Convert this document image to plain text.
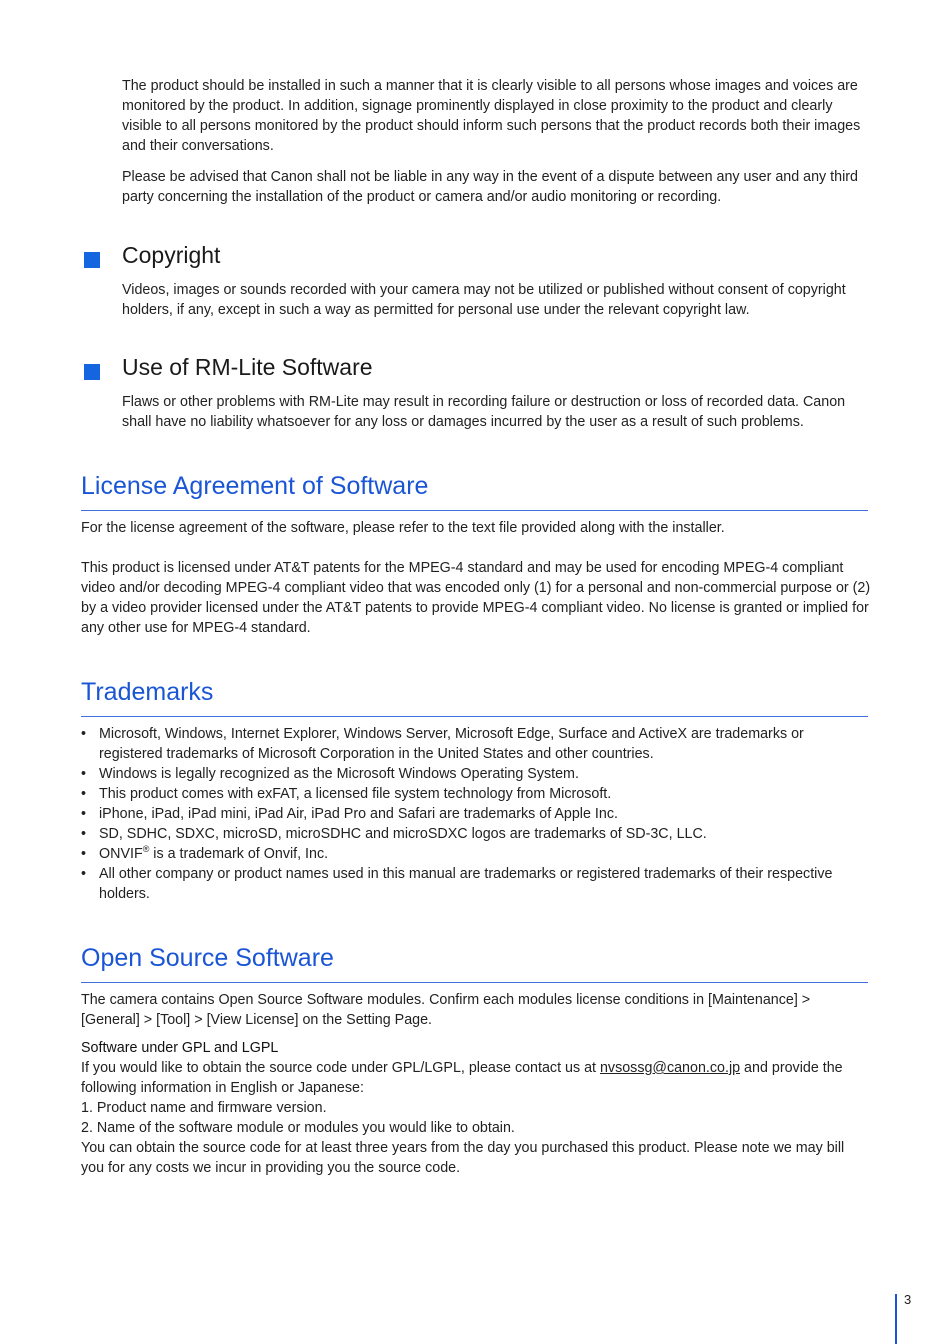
The product should be installed in such a manner that it is clearly visible to all persons whose images and voices are monitored by the product. In addition, signage prominently displayed in close proximity to the product and clearly visible to all persons monitored by the product should inform such persons that the product records both their images and their conversations.

Please be advised that Canon shall not be liable in any way in the event of a dispute between any user and any third party concerning the installation of the product or camera and/or audio monitoring or recording.

Copyright

Videos, images or sounds recorded with your camera may not be utilized or published without consent of copyright holders, if any, except in such a way as permitted for personal use under the relevant copyright law.

Use of RM-Lite Software

Flaws or other problems with RM-Lite may result in recording failure or destruction or loss of recorded data. Canon shall have no liability whatsoever for any loss or damages incurred by the user as a result of such problems.

License Agreement of Software

For the license agreement of the software, please refer to the text file provided along with the installer.

This product is licensed under AT&T patents for the MPEG-4 standard and may be used for encoding MPEG-4 compliant video and/or decoding MPEG-4 compliant video that was encoded only (1) for a personal and non-commercial purpose or (2) by a video provider licensed under the AT&T patents to provide MPEG-4 compliant video. No license is granted or implied for any other use for MPEG-4 standard.

Trademarks
• Microsoft, Windows, Internet Explorer, Windows Server, Microsoft Edge, Surface and ActiveX are trademarks or registered trademarks of Microsoft Corporation in the United States and other countries.
• Windows is legally recognized as the Microsoft Windows Operating System.
• This product comes with exFAT, a licensed file system technology from Microsoft.
• iPhone, iPad, iPad mini, iPad Air, iPad Pro and Safari are trademarks of Apple Inc.
• SD, SDHC, SDXC, microSD, microSDHC and microSDXC logos are trademarks of SD-3C, LLC.
• ONVIF® is a trademark of Onvif, Inc.
• All other company or product names used in this manual are trademarks or registered trademarks of their respective holders.
Open Source Software

The camera contains Open Source Software modules. Confirm each modules license conditions in [Maintenance] > [General] > [Tool] > [View License] on the Setting Page.

Software under GPL and LGPL

If you would like to obtain the source code under GPL/LGPL, please contact us at nvsossg@canon.co.jp and provide the following information in English or Japanese:

1. Product name and firmware version.

2. Name of the software module or modules you would like to obtain.

You can obtain the source code for at least three years from the day you purchased this product. Please note we may bill you for any costs we incur in providing you the source code.

3
